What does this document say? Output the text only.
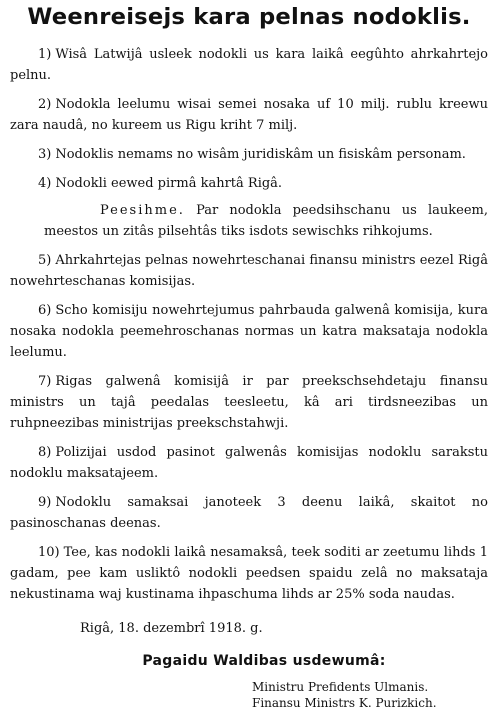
Weenreisejs kara pelnas nodoklis.

1) Wisâ Latwijâ usleek nodokli us kara laikâ eegûhto ahrkahrtejo pelnu.

2) Nodokla leelumu wisai semei nosaka uf 10 milj. rublu kreewu zara naudâ, no kureem us Rigu kriht 7 milj.

3) Nodoklis nemams no wisâm juridiskâm un fisiskâm personam.

4) Nodokli eewed pirmâ kahrtâ Rigâ.

Peesihme. Par nodokla peedsihschanu us laukeem, meestos un zitâs pilsehtâs tiks isdots sewischks rihkojums.

5) Ahrkahrtejas pelnas nowehrteschanai finansu ministrs eezel Rigâ nowehrteschanas komisijas.

6) Scho komisiju nowehrtejumus pahrbauda galwenâ komisija, kura nosaka nodokla peemehroschanas normas un katra maksataja nodokla leelumu.

7) Rigas galwenâ komisijâ ir par preekschsehdetaju finansu ministrs un tajâ peedalas teesleetu, kâ ari tirdsneezibas un ruhpneezibas ministrijas preekschstahwji.

8) Polizijai usdod pasinot galwenâs komisijas nodoklu sarakstu nodoklu maksatajeem.

9) Nodoklu samaksai janoteek 3 deenu laikâ, skaitot no pasinoschanas deenas.

10) Tee, kas nodokli laikâ nesamaksâ, teek soditi ar zeetumu lihds 1 gadam, pee kam usliktô nodokli peedsen spaidu zelâ no maksataja nekustinama waj kustinama ihpaschuma lihds ar 25% soda naudas.

Rigâ, 18. dezembrî 1918. g.
Pagaidu Waldibas usdewumâ:
Ministru Prefidents Ulmanis.
Finansu Ministrs K. Purizkich.
